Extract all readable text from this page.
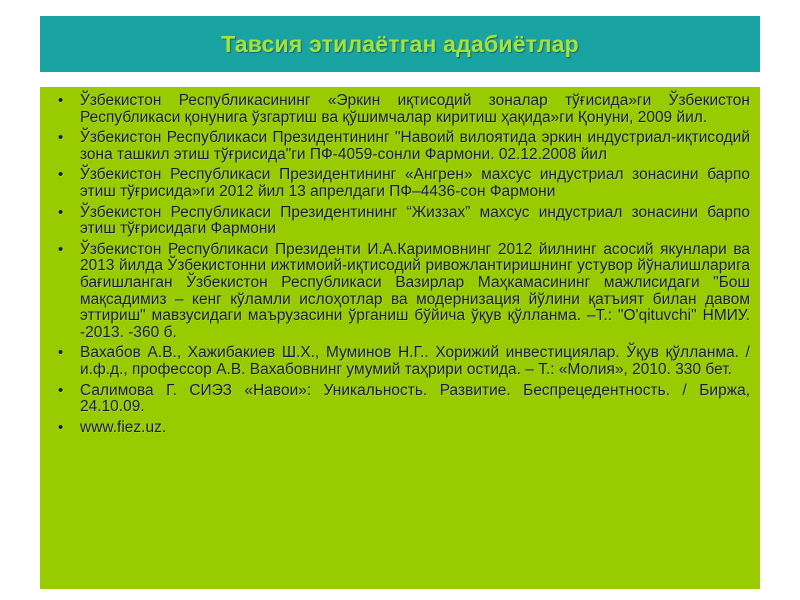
Тавсия этилаётган адабиётлар
• Ўзбекистон Республикасининг «Эркин иқтисодий зоналар тўғисида»ги Ўзбекистон Республикаси қонунига ўзгартиш ва қўшимчалар киритиш ҳақида»ги Қонуни, 2009 йил.
• Ўзбекистон Республикаси Президентининг "Навоий вилоятида эркин индустриал-иқтисодий зона ташкил этиш тўғрисида"ги ПФ-4059-сонли Фармони. 02.12.2008 йил
• Ўзбекистон Республикаси Президентининг «Ангрен» махсус индустриал зонасини барпо этиш тўғрисида»ги 2012 йил 13 апрелдаги ПФ–4436-сон Фармони
• Ўзбекистон Республикаси Президентининг “Жиззах” махсус индустриал зонасини барпо этиш тўғрисидаги Фармони
• Ўзбекистон Республикаси Президенти И.А.Каримовнинг 2012 йилнинг асосий якунлари ва 2013 йилда Ўзбекистонни ижтимоий-иқтисодий ривожлантиришнинг устувор йўналишларига бағишланган Ўзбекистон Республикаси Вазирлар Маҳкамасининг мажлисидаги "Бош мақсадимиз – кенг кўламли ислоҳотлар ва модернизация йўлини қатъият билан давом эттириш" мавзусидаги маърузасини ўрганиш бўйича ўқув қўлланма. –Т.: "O'qituvchi" НМИУ. -2013. -360 б.
• Вахабов А.В., Хажибакиев Ш.Х., Муминов Н.Г.. Хорижий инвестициялар. Ўқув қўлланма. / и.ф.д., профессор А.В. Вахабовнинг умумий таҳрири остида. – Т.: «Молия», 2010. 330 бет.
• Салимова Г. СИЭЗ «Навои»: Уникальность. Развитие. Беспрецедентность. / Биржа, 24.10.09.
• www.fiez.uz.
